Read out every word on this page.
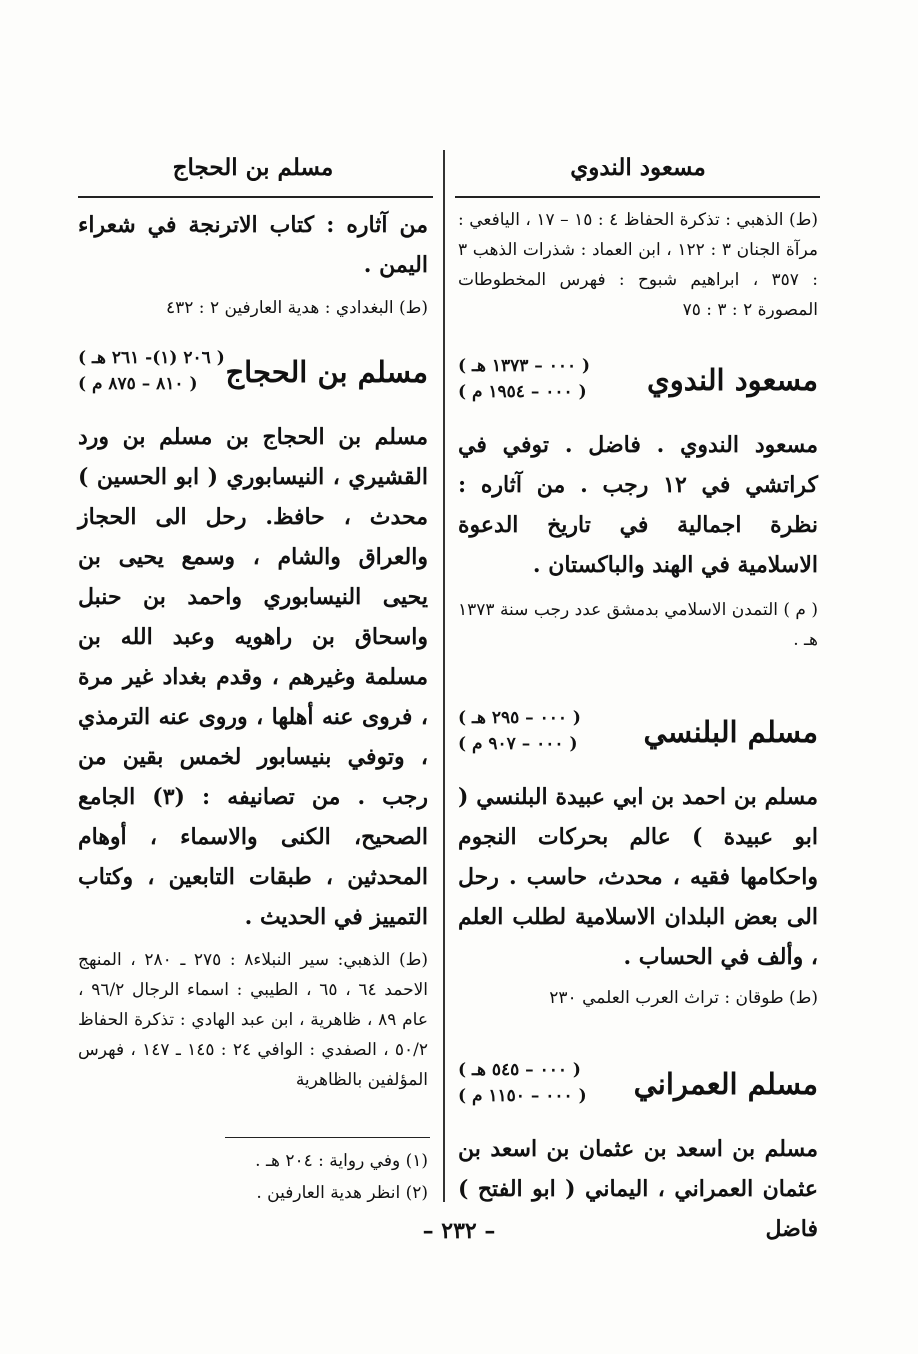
مسعود الندوي
مسلم بن الحجاج

(ط) الذهبي : تذكرة الحفاظ ٤ : ١٥ – ١٧ ، اليافعي : مرآة الجنان ٣ : ١٢٢ ، ابن العماد : شذرات الذهب ٣ : ٣٥٧ ، ابراهيم شبوح : فهرس المخطوطات المصورة ٢ : ٣ : ٧٥

مسعود الندوي
( ٠٠٠ – ١٣٧٣ هـ )
( ٠٠٠ – ١٩٥٤ م )

مسعود الندوي . فاضل . توفي في كراتشي في ١٢ رجب . من آثاره : نظرة اجمالية في تاريخ الدعوة الاسلامية في الهند والباكستان .

( م ) التمدن الاسلامي بدمشق عدد رجب سنة ١٣٧٣ هـ .

مسلم البلنسي
( ٠٠٠ – ٢٩٥ هـ )
( ٠٠٠ – ٩٠٧ م )

مسلم بن احمد بن ابي عبيدة البلنسي ( ابو عبيدة ) عالم بحركات النجوم واحكامها فقيه ، محدث، حاسب . رحل الى بعض البلدان الاسلامية لطلب العلم ، وألف في الحساب .

(ط) طوقان : تراث العرب العلمي ٢٣٠

مسلم العمراني
( ٠٠٠ – ٥٤٥ هـ )
( ٠٠٠ – ١١٥٠ م )

مسلم بن اسعد بن عثمان بن اسعد بن عثمان العمراني ، اليماني ( ابو الفتح ) فاضل

من آثاره : كتاب الاترنجة في شعراء اليمن .

(ط) البغدادي : هدية العارفين ٢ : ٤٣٢

مسلم بن الحجاج
( ٢٠٦ (١)- ٢٦١ هـ )
( ٨١٠ – ٨٧٥ م )

مسلم بن الحجاج بن مسلم بن ورد القشيري ، النيسابوري ( ابو الحسين ) محدث ، حافظ. رحل الى الحجاز والعراق والشام ، وسمع يحيى بن يحيى النيسابوري واحمد بن حنبل واسحاق بن راهويه وعبد الله بن مسلمة وغيرهم ، وقدم بغداد غير مرة ، فروى عنه أهلها ، وروى عنه الترمذي ، وتوفي بنيسابور لخمس بقين من رجب . من تصانيفه : (٣) الجامع الصحيح، الكنى والاسماء ، أوهام المحدثين ، طبقات التابعين ، وكتاب التمييز في الحديث .

(ط) الذهبي: سير النبلاء٨ : ٢٧٥ ـ ٢٨٠ ، المنهج الاحمد ٦٤ ، ٦٥ ، الطيبي : اسماء الرجال ٩٦/٢ ، عام ٨٩ ، ظاهرية ، ابن عبد الهادي : تذكرة الحفاظ ٥٠/٢ ، الصفدي : الوافي ٢٤ : ١٤٥ ـ ١٤٧ ، فهرس المؤلفين بالظاهرية

(١) وفي رواية : ٢٠٤ هـ .
(٢) انظر هدية العارفين .
– ٢٣٢ –
